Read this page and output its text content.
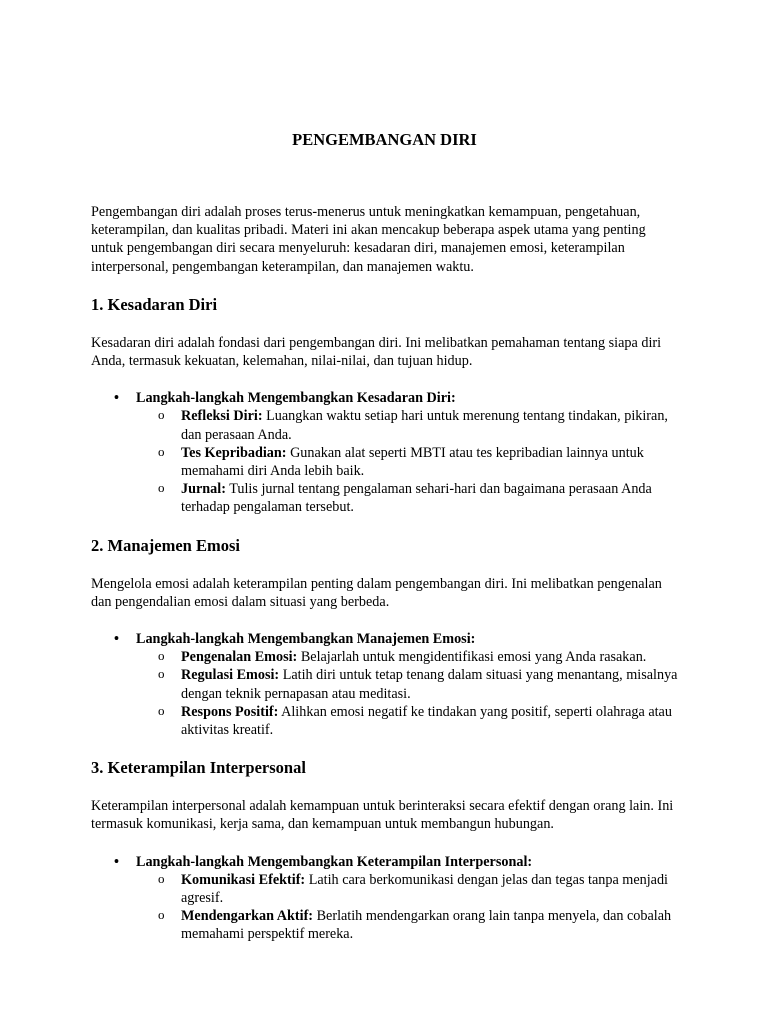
PENGEMBANGAN DIRI

Pengembangan diri adalah proses terus-menerus untuk meningkatkan kemampuan, pengetahuan, keterampilan, dan kualitas pribadi. Materi ini akan mencakup beberapa aspek utama yang penting untuk pengembangan diri secara menyeluruh: kesadaran diri, manajemen emosi, keterampilan interpersonal, pengembangan keterampilan, dan manajemen waktu.

1. Kesadaran Diri

Kesadaran diri adalah fondasi dari pengembangan diri. Ini melibatkan pemahaman tentang siapa diri Anda, termasuk kekuatan, kelemahan, nilai-nilai, dan tujuan hidup.

• Langkah-langkah Mengembangkan Kesadaran Diri:
o Refleksi Diri: Luangkan waktu setiap hari untuk merenung tentang tindakan, pikiran, dan perasaan Anda.
o Tes Kepribadian: Gunakan alat seperti MBTI atau tes kepribadian lainnya untuk memahami diri Anda lebih baik.
o Jurnal: Tulis jurnal tentang pengalaman sehari-hari dan bagaimana perasaan Anda terhadap pengalaman tersebut.
2. Manajemen Emosi

Mengelola emosi adalah keterampilan penting dalam pengembangan diri. Ini melibatkan pengenalan dan pengendalian emosi dalam situasi yang berbeda.

• Langkah-langkah Mengembangkan Manajemen Emosi:
o Pengenalan Emosi: Belajarlah untuk mengidentifikasi emosi yang Anda rasakan.
o Regulasi Emosi: Latih diri untuk tetap tenang dalam situasi yang menantang, misalnya dengan teknik pernapasan atau meditasi.
o Respons Positif: Alihkan emosi negatif ke tindakan yang positif, seperti olahraga atau aktivitas kreatif.
3. Keterampilan Interpersonal

Keterampilan interpersonal adalah kemampuan untuk berinteraksi secara efektif dengan orang lain. Ini termasuk komunikasi, kerja sama, dan kemampuan untuk membangun hubungan.

• Langkah-langkah Mengembangkan Keterampilan Interpersonal:
o Komunikasi Efektif: Latih cara berkomunikasi dengan jelas dan tegas tanpa menjadi agresif.
o Mendengarkan Aktif: Berlatih mendengarkan orang lain tanpa menyela, dan cobalah memahami perspektif mereka.
